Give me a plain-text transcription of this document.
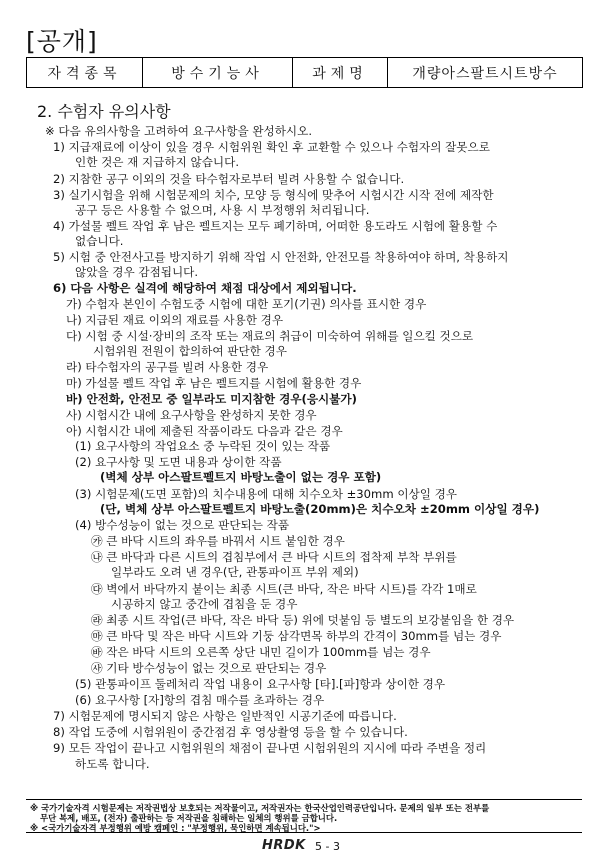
[공개]
자격종목	방수기능사	과제명	개량아스팔트시트방수
2. 수험자 유의사항
※ 다음 유의사항을 고려하여 요구사항을 완성하시오.
1) 지급재료에 이상이 있을 경우 시험위원 확인 후 교환할 수 있으나 수험자의 잘못으로
인한 것은 재 지급하지 않습니다.
2) 지참한 공구 이외의 것을 타수험자로부터 빌려 사용할 수 없습니다.
3) 실기시험을 위해 시험문제의 치수, 모양 등 형식에 맞추어 시험시간 시작 전에 제작한
공구 등은 사용할 수 없으며, 사용 시 부정행위 처리됩니다.
4) 가설물 펠트 작업 후 남은 펠트지는 모두 폐기하며, 어떠한 용도라도 시험에 활용할 수
없습니다.
5) 시험 중 안전사고를 방지하기 위해 작업 시 안전화, 안전모를 착용하여야 하며, 착용하지
않았을 경우 감점됩니다.
6) 다음 사항은 실격에 해당하여 채점 대상에서 제외됩니다.
가) 수험자 본인이 수험도중 시험에 대한 포기(기권) 의사를 표시한 경우
나) 지급된 재료 이외의 재료를 사용한 경우
다) 시험 중 시설·장비의 조작 또는 재료의 취급이 미숙하여 위해를 일으킬 것으로
시험위원 전원이 합의하여 판단한 경우
라) 타수험자의 공구를 빌려 사용한 경우
마) 가설물 펠트 작업 후 남은 펠트지를 시험에 활용한 경우
바) 안전화, 안전모 중 일부라도 미지참한 경우(응시불가)
사) 시험시간 내에 요구사항을 완성하지 못한 경우
아) 시험시간 내에 제출된 작품이라도 다음과 같은 경우
(1) 요구사항의 작업요소 중 누락된 것이 있는 작품
(2) 요구사항 및 도면 내용과 상이한 작품
(벽체 상부 아스팔트펠트지 바탕노출이 없는 경우 포함)
(3) 시험문제(도면 포함)의 치수내용에 대해 치수오차 ±30mm 이상일 경우
(단, 벽체 상부 아스팔트펠트지 바탕노출(20mm)은 치수오차 ±20mm 이상일 경우)
(4) 방수성능이 없는 것으로 판단되는 작품
㉮ 큰 바닥 시트의 좌우를 바꿔서 시트 붙임한 경우
㉯ 큰 바닥과 다른 시트의 겹침부에서 큰 바닥 시트의 접착제 부착 부위를
일부라도 오려 낸 경우(단, 관통파이프 부위 제외)
㉰ 벽에서 바닥까지 붙이는 최종 시트(큰 바닥, 작은 바닥 시트)를 각각 1매로
시공하지 않고 중간에 겹침을 둔 경우
㉱ 최종 시트 작업(큰 바닥, 작은 바닥 등) 위에 덧붙임 등 별도의 보강붙임을 한 경우
㉲ 큰 바닥 및 작은 바닥 시트와 기둥 삼각면목 하부의 간격이 30mm를 넘는 경우
㉳ 작은 바닥 시트의 오른쪽 상단 내민 길이가 100mm를 넘는 경우
㉴ 기타 방수성능이 없는 것으로 판단되는 경우
(5) 관통파이프 둘레처리 작업 내용이 요구사항 [타].[파]항과 상이한 경우
(6) 요구사항 [자]항의 겹침 매수를 초과하는 경우
7) 시험문제에 명시되지 않은 사항은 일반적인 시공기준에 따릅니다.
8) 작업 도중에 시험위원이 중간점검 후 영상촬영 등을 할 수 있습니다.
9) 모든 작업이 끝나고 시험위원의 채점이 끝나면 시험위원의 지시에 따라 주변을 정리
하도록 합니다.
※ 국가기술자격 시험문제는 저작권법상 보호되는 저작물이고, 저작권자는 한국산업인력공단입니다. 문제의 일부 또는 전부를
무단 복제, 배포, (전자) 출판하는 등 저작권을 침해하는 일체의 행위를 금합니다.
※ <국가기술자격 부정행위 예방 캠페인 : "부정행위, 묵인하면 계속됩니다.">
HRDK 5 - 3
